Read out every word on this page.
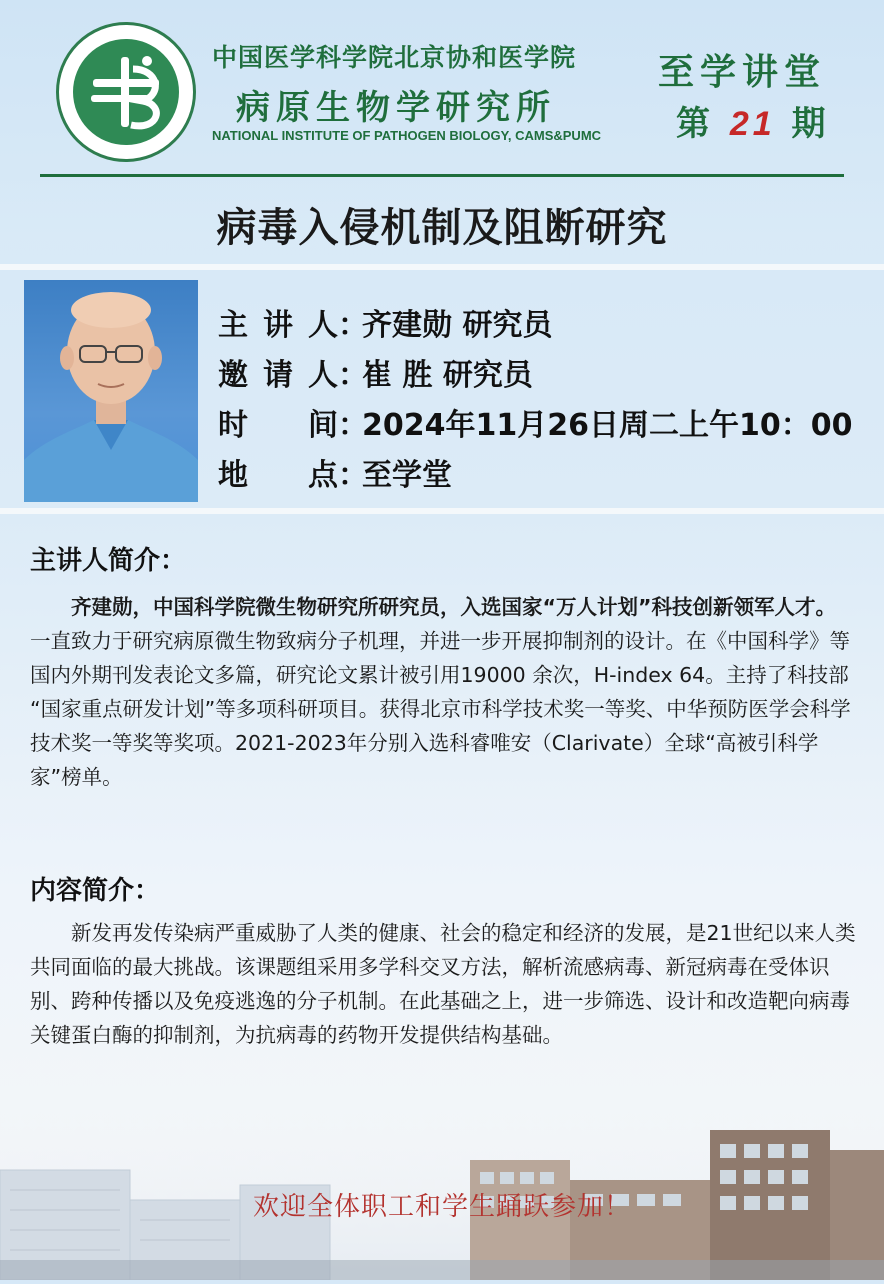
中国医学科学院北京协和医学院
病原生物学研究所
NATIONAL INSTITUTE OF PATHOGEN BIOLOGY, CAMS&PUMC
至学讲堂
第 21 期
病毒入侵机制及阻断研究
主讲人：齐建勋 研究员
邀请人：崔 胜 研究员
时 间：2024年11月26日周二上午10：00
地 点：至学堂
主讲人简介：
齐建勋，中国科学院微生物研究所研究员，入选国家“万人计划”科技创新领军人才。一直致力于研究病原微生物致病分子机理，并进一步开展抑制剂的设计。在《中国科学》等国内外期刊发表论文多篇，研究论文累计被引用19000 余次，H-index 64。主持了科技部 “国家重点研发计划”等多项科研项目。获得北京市科学技术奖一等奖、中华预防医学会科学技术奖一等奖等奖项。2021-2023年分别入选科睿唯安（Clarivate）全球“高被引科学家”榜单。
内容简介：
新发再发传染病严重威胁了人类的健康、社会的稳定和经济的发展，是21世纪以来人类共同面临的最大挑战。该课题组采用多学科交叉方法，解析流感病毒、新冠病毒在受体识别、跨种传播以及免疫逃逸的分子机制。在此基础之上，进一步筛选、设计和改造靶向病毒关键蛋白酶的抑制剂，为抗病毒的药物开发提供结构基础。
欢迎全体职工和学生踊跃参加！
